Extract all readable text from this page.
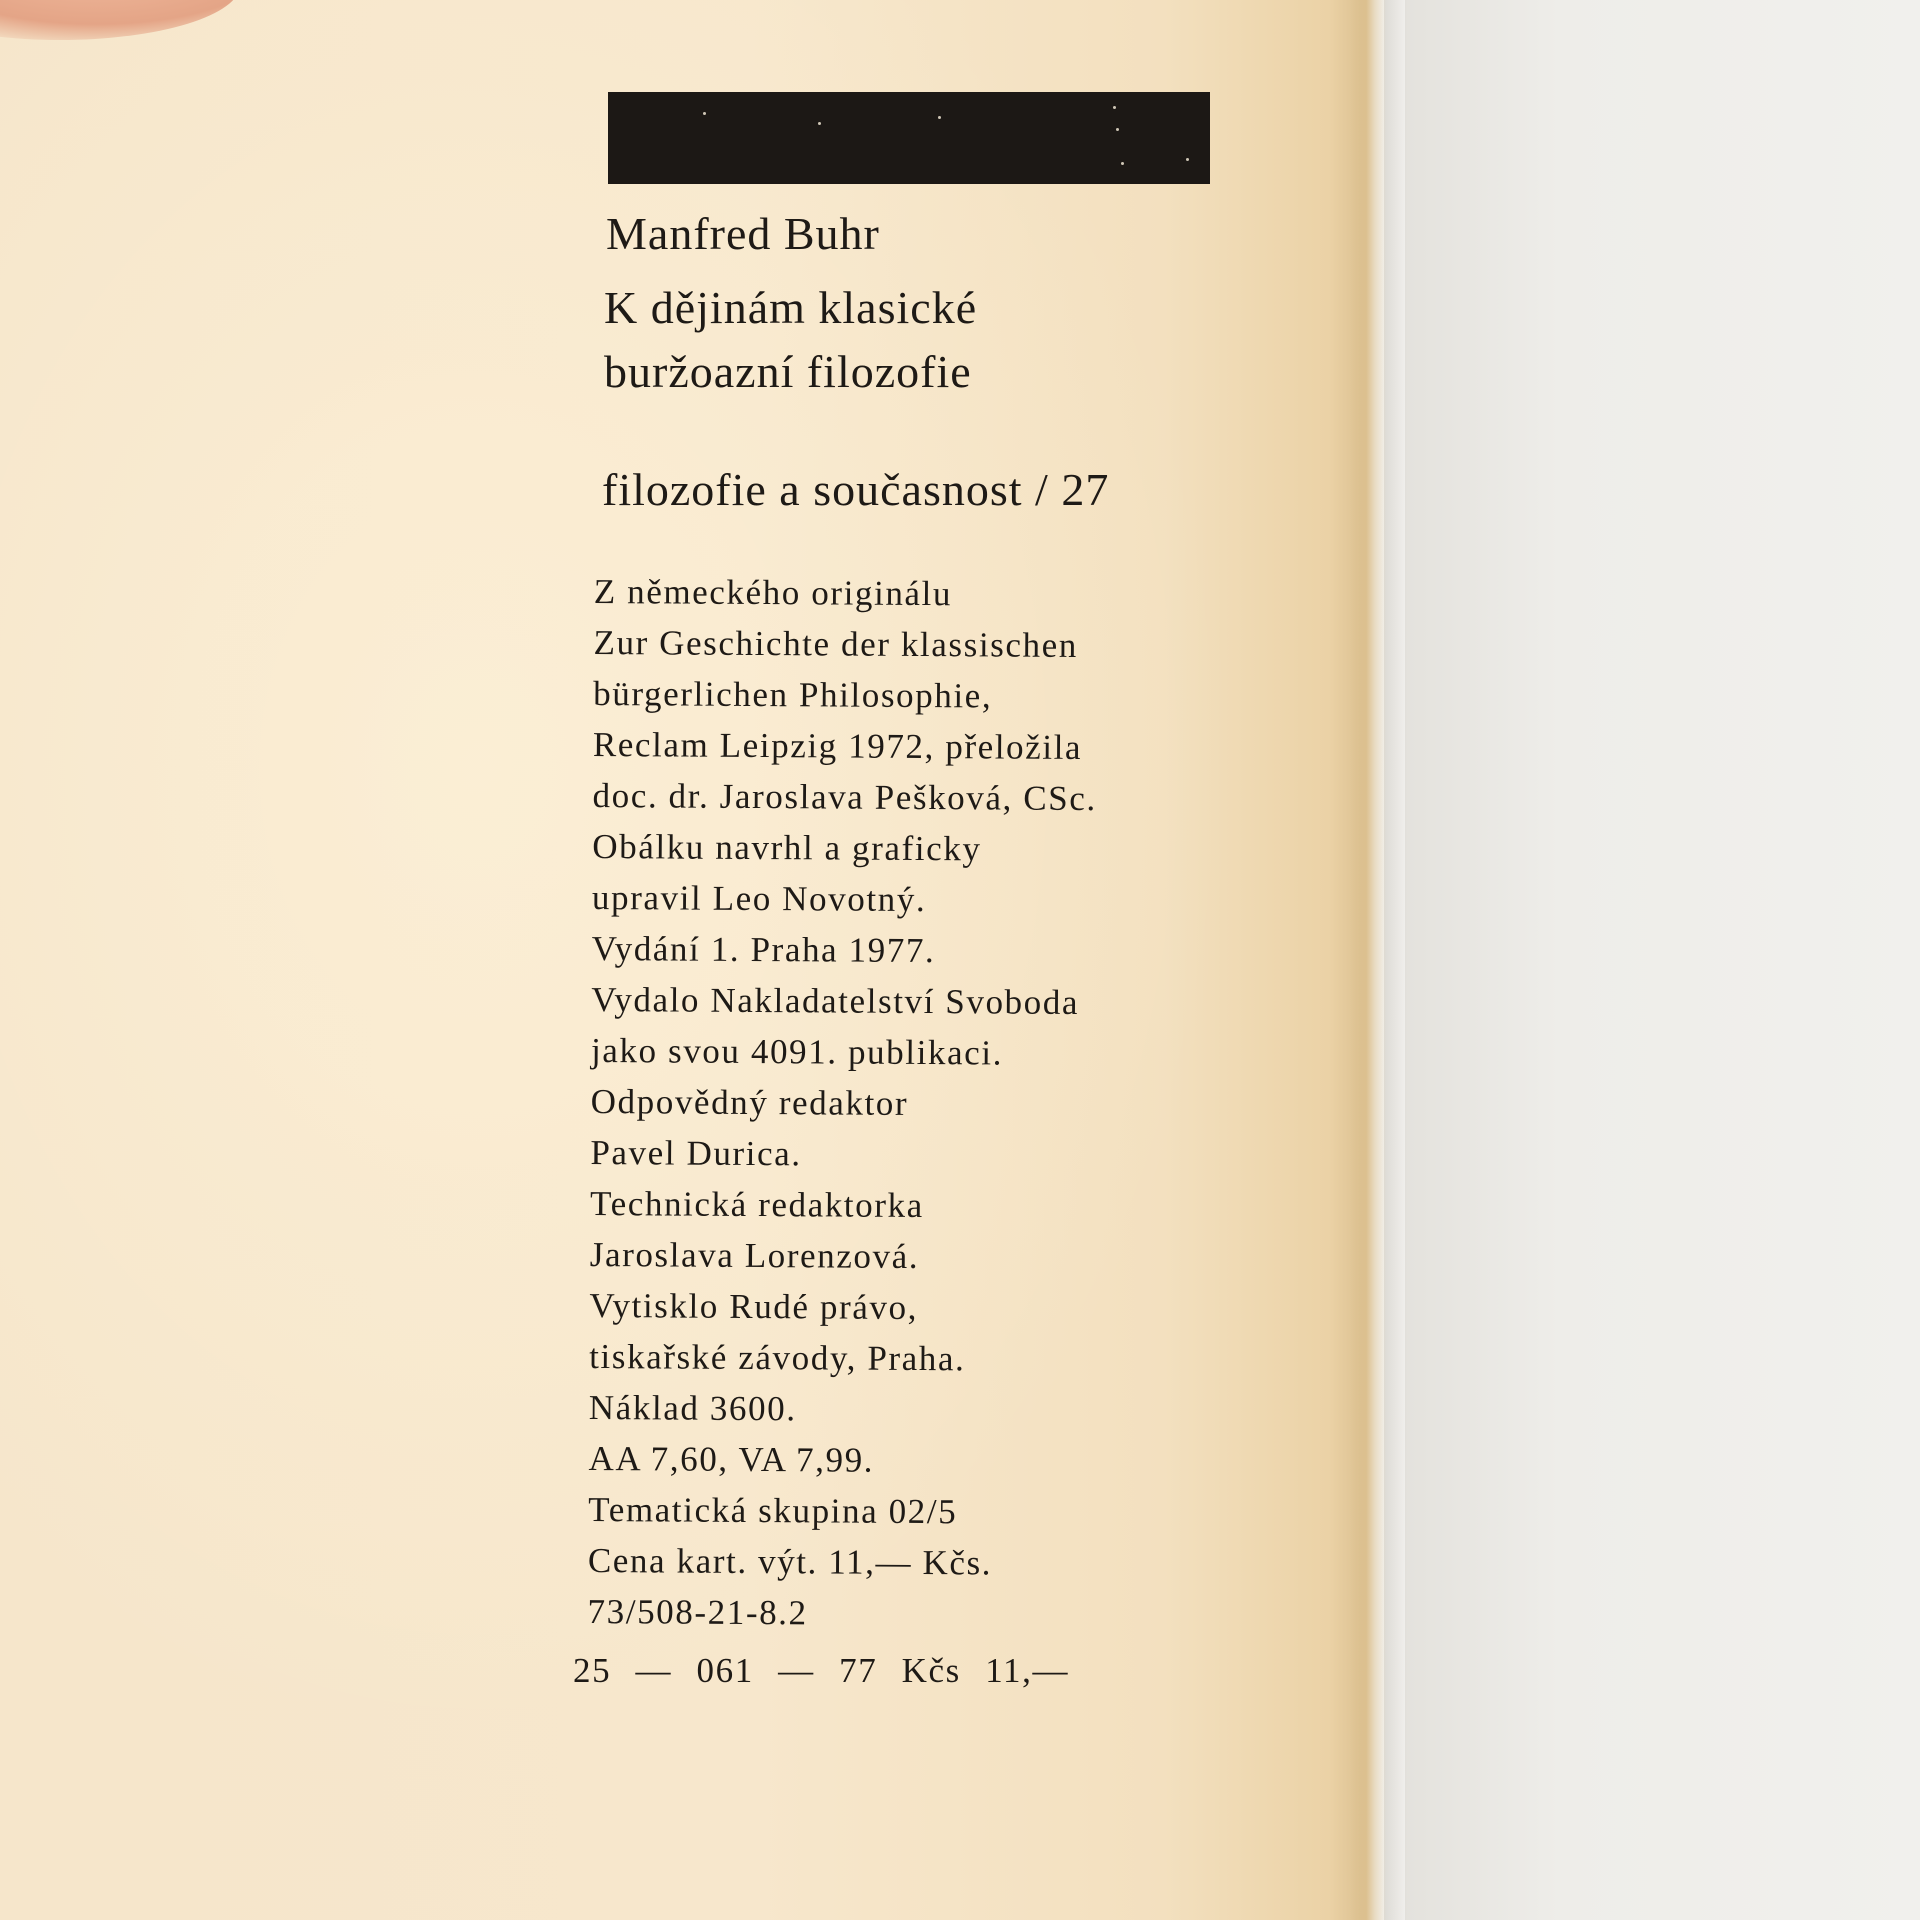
Manfred Buhr

K dějinám klasické
buržoazní filozofie

filozofie a současnost / 27

Z německého originálu
Zur Geschichte der klassischen
bürgerlichen Philosophie,
Reclam Leipzig 1972, přeložila
doc. dr. Jaroslava Pešková, CSc.
Obálku navrhl a graficky
upravil Leo Novotný.
Vydání 1. Praha 1977.
Vydalo Nakladatelství Svoboda
jako svou 4091. publikaci.
Odpovědný redaktor
Pavel Durica.
Technická redaktorka
Jaroslava Lorenzová.
Vytisklo Rudé právo,
tiskařské závody, Praha.
Náklad 3600.
AA 7,60, VA 7,99.
Tematická skupina 02/5
Cena kart. výt. 11,— Kčs.
73/508-21-8.2

25 — 061 — 77 Kčs 11,—
